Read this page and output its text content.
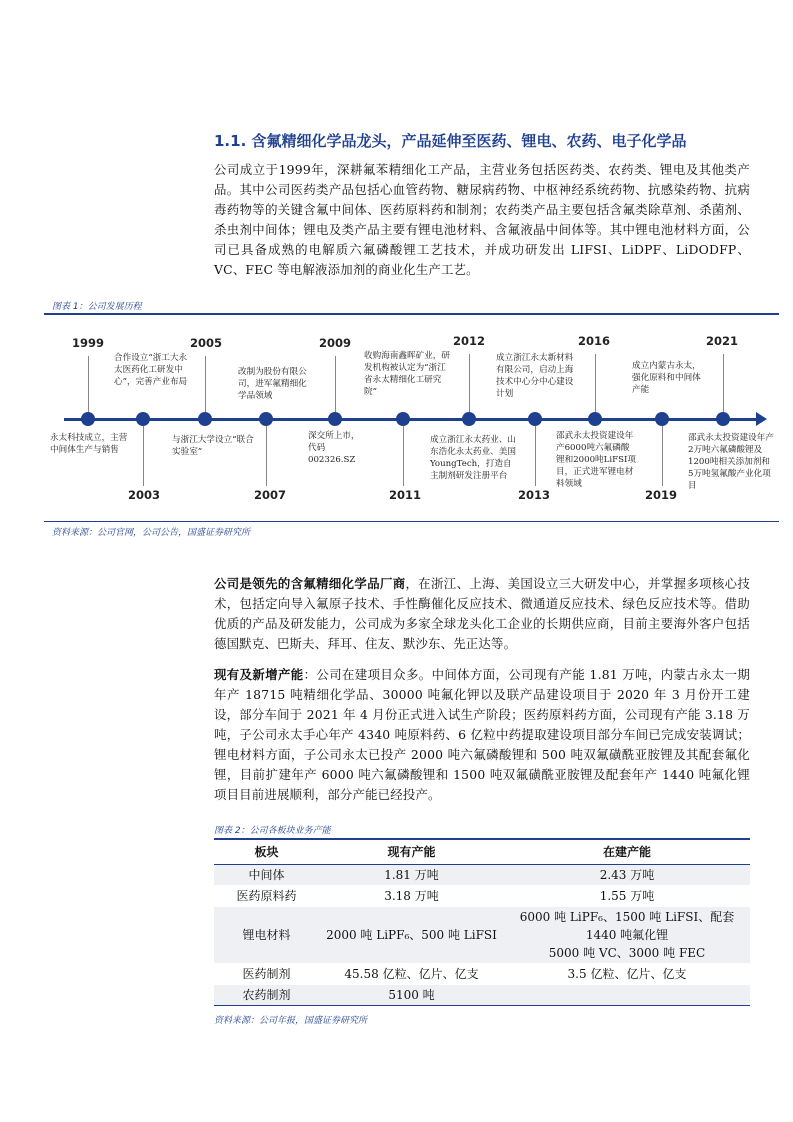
1.1. 含氟精细化学品龙头，产品延伸至医药、锂电、农药、电子化学品

公司成立于1999年，深耕氟苯精细化工产品，主营业务包括医药类、农药类、锂电及其他类产品。其中公司医药类产品包括心血管药物、糖尿病药物、中枢神经系统药物、抗感染药物、抗病毒药物等的关键含氟中间体、医药原料药和制剂；农药类产品主要包括含氟类除草剂、杀菌剂、杀虫剂中间体；锂电及类产品主要有锂电池材料、含氟液晶中间体等。其中锂电池材料方面，公司已具备成熟的电解质六氟磷酸锂工艺技术，并成功研发出 LIFSI、LiDPF、LiDODFP、VC、FEC 等电解液添加剂的商业化生产工艺。

图表 1：公司发展历程
1999
永太科技成立，主营中间体生产与销售
合作设立“浙工大永太医药化工研发中心”，完善产业布局
2003
2005
与浙江大学设立“联合实验室”
改制为股份有限公司，进军氟精细化学品领域
2007
2009
深交所上市，代码002326.SZ
收购海南鑫晖矿业，研发机构被认定为“浙江省永太精细化工研究院”
2011
2012
成立浙江永太药业、山东浩化永太药业、美国YoungTech，打造自主制剂研发注册平台
成立浙江永太新材料有限公司，启动上海技术中心分中心建设计划
2013
2016
邵武永太投资建设年产6000吨六氟磷酸锂和2000吨LiFSI项目，正式进军锂电材料领域
成立内蒙古永太，强化原料和中间体产能
2019
2021
邵武永太投资建设年产2万吨六氟磷酸锂及1200吨相关添加剂和5万吨氢氟酸产业化项目
资料来源：公司官网，公司公告，国盛证券研究所

公司是领先的含氟精细化学品厂商，在浙江、上海、美国设立三大研发中心，并掌握多项核心技术，包括定向导入氟原子技术、手性酶催化反应技术、微通道反应技术、绿色反应技术等。借助优质的产品及研发能力，公司成为多家全球龙头化工企业的长期供应商，目前主要海外客户包括德国默克、巴斯夫、拜耳、住友、默沙东、先正达等。

现有及新增产能：公司在建项目众多。中间体方面，公司现有产能 1.81 万吨，内蒙古永太一期年产 18715 吨精细化学品、30000 吨氟化钾以及联产品建设项目于 2020 年 3 月份开工建设，部分车间于 2021 年 4 月份正式进入试生产阶段；医药原料药方面，公司现有产能 3.18 万吨，子公司永太手心年产 4340 吨原料药、6 亿粒中药提取建设项目部分车间已完成安装调试；锂电材料方面，子公司永太已投产 2000 吨六氟磷酸锂和 500 吨双氟磺酰亚胺锂及其配套氟化锂，目前扩建年产 6000 吨六氟磷酸锂和 1500 吨双氟磺酰亚胺锂及配套年产 1440 吨氟化锂项目目前进展顺利，部分产能已经投产。

图表 2：公司各板块业务产能
板块	现有产能	在建产能
中间体	1.81 万吨	2.43 万吨
医药原料药	3.18 万吨	1.55 万吨
锂电材料	2000 吨 LiPF₆、500 吨 LiFSI	6000 吨 LiPF₆、1500 吨 LiFSI、配套
1440 吨氟化锂
5000 吨 VC、3000 吨 FEC

医药制剂	45.58 亿粒、亿片、亿支	3.5 亿粒、亿片、亿支
农药制剂	5100 吨	
资料来源：公司年报，国盛证券研究所
